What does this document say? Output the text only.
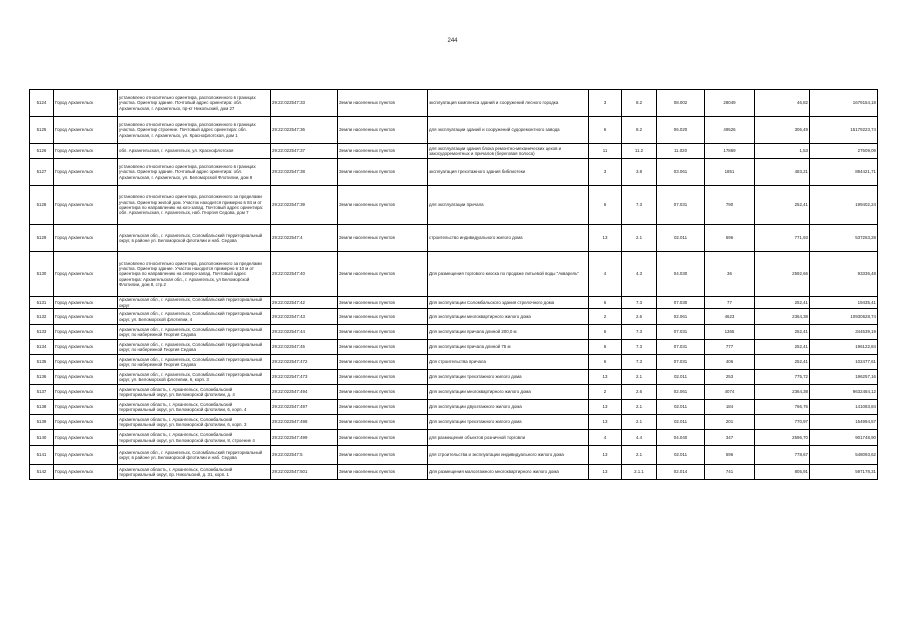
244
5124	Город Архангельск	установлено относительно ориентира, расположенного в границах участка. Ориентир здание. Почтовый адрес ориентира: обл. Архангельская, г. Архангельск, пр-кт Никольский, дом 27	29:22:022547:33	Земли населенных пунктов	эксплуатация комплекса зданий и сооружений лесного городка	3	8.2	08.002	28049	46,82	1679154,18
5125	Город Архангельск	установлено относительно ориентира, расположенного в границах участка. Ориентир строение. Почтовый адрес ориентира: обл. Архангельская, г. Архангельск, ул. Краснофлотская, дом 1	29:22:022547:36	Земли населенных пунктов	для эксплуатации зданий и сооружений судоремонтного завода	6	8.2	06.020	49526	306,49	15179223,74
5126	Город Архангельск	обл. Архангельская, г. Архангельск, ул. Краснофлотская	29:22:022547:37	Земли населенных пунктов	для эксплуатации здания блока ремонтно-механических цехов и закосудоремонтных и причалов (береговая полоса)	11	11.2	11.020	17869	1,53	27609,09
5127	Город Архангельск	установлено относительно ориентира, расположенного в границах участка. Ориентир здание. Почтовый адрес ориентира: обл. Архангельская, г. Архангельск, ул. Беломорской Флотилии, дом 8	29:22:022547:38	Земли населенных пунктов	эксплуатация трехэтажного здания библиотеки	3	3.8	03.061	1851	483,21	894421,71
5128	Город Архангельск	установлено относительно ориентира, расположенного за пределами участка. Ориентир жилой дом. Участок находится примерно в 84 м от ориентира по направлению на юго-запад. Почтовый адрес ориентира: обл. Архангельская, г. Архангельск, наб. Георгия Седова, дом 7	29:22:022547:39	Земли населенных пунктов	для эксплуатации причала	6	7.3	07.031	790	252,41	199402,24
5129	Город Архангельск	Архангельская обл., г. Архангельск, Соломбальский территориальный округ, в районе ул. Беломорской флотилии и наб. Седова	29:22:022547:4	Земли населенных пунктов	строительство индивидуального жилого дома	13	2.1	02.011	696	771,93	537263,28
5130	Город Архангельск	установлено относительно ориентира, расположенного за пределами участка. Ориентир здание. Участок находится примерно в 10 м от ориентира по направлению на северо-запад. Почтовый адрес ориентира: Архангельская обл., г. Архангельск, ул Беломорской Флотилии, дом 8, стр.2	29:22:022547:40	Земли населенных пунктов	Для размещения торгового киоска по продаже питьевой воды "Акварель"	4	4.3	04.030	36	2592,66	93336,48
5131	Город Архангельск	Архангельская обл., г. Архангельск, Соломбальский территориальный округ	29:22:022547:42	Земли населенных пунктов	Для эксплуатации Соломбальского здания стрелочного дома	6	7.3	07.030	77	252,41	19435,41
5132	Город Архангельск	Архангельская обл., г. Архангельск, Соломбальский территориальный округ, ул. Беломорской флотилии, 4	29:22:022547:43	Земли населенных пунктов	Для эксплуатации многоквартирного жилого дома	2	2.6	02.061	4623	2364,38	10930628,74
5133	Город Архангельск	Архангельская обл., г. Архангельск, Соломбальский территориальный округ, по набережной Георгия Седова	29:22:022547:44	Земли населенных пунктов	Для эксплуатации причала длиной 200,0 м	6	7.3	07.031	1365	252,41	344539,19
5134	Город Архангельск	Архангельская обл., г. Архангельск, Соломбальский территориальный округ, по набережной Георгия Седова	29:22:022547:45	Земли населенных пунктов	Для эксплуатации причала длиной 75 м	6	7.3	07.031	777	252,41	196122,84
5135	Город Архангельск	Архангельская обл., г. Архангельск, Соломбальский территориальный округ, по набережной Георгия Седова	29:22:022547:472	Земли населенных пунктов	Для строительства причала	6	7.3	07.031	406	252,41	102477,61
5136	Город Архангельск	Архангельская обл., г. Архангельск, Соломбальский территориальный округ, ул. Беломорской флотилии, 6, корп. 3	29:22:022547:473	Земли населенных пунктов	Для эксплуатации трехэтажного жилого дома	13	2.1	02.011	253	775,72	196257,16
5137	Город Архангельск	Архангельская область, г. Архангельск, Соломбальский территориальный округ, ул. Беломорской флотилии, д. 4	29:22:022547:494	Земли населенных пунктов	Для эксплуатации многоквартирного жилого дома	2	2.6	02.061	4074	2364,38	9632484,12
5138	Город Архангельск	Архангельская область, г. Архангельск, Соломбальский территориальный округ, ул. Беломорской флотилии, 6, корп. 4	29:22:022547:497	Земли населенных пунктов	Для эксплуатации двухэтажного жилого дома	13	2.1	02.011	184	766,76	141083,84
5139	Город Архангельск	Архангельская область, г. Архангельск, Соломбальский территориальный округ, ул. Беломорской флотилии, 6, корп. 3	29:22:022547:498	Земли населенных пунктов	Для эксплуатации трехэтажного жилого дома	13	2.1	02.011	201	770,97	154994,57
5140	Город Архангельск	Архангельская область, г. Архангельск, Соломбальский территориальный округ, ул. Беломорской флотилии, 8, строение 4	29:22:022547:499	Земли населенных пунктов	для размещения объектов розничной торговли	4	4.4	04.040	347	2596,70	901748,90
5141	Город Архангельск	Архангельская обл., г. Архангельск, Соломбальский территориальный округ, в районе ул. Беломорской флотилии и наб. Седова	29:22:022547:5	Земли населенных пунктов	для строительства и эксплуатации индивидуального жилого дома	13	2.1	02.011	696	778,67	548093,62
5142	Город Архангельск	Архангельская область, г. Архангельск, Соломбальский территориальный округ, пр. Никольский, д. 31, корп. 1	29:22:022547:501	Земли населенных пунктов	Для размещения малоэтажного многоквартирного жилого дома	13	2.1.1	02.014	741	805,91	597178,31
